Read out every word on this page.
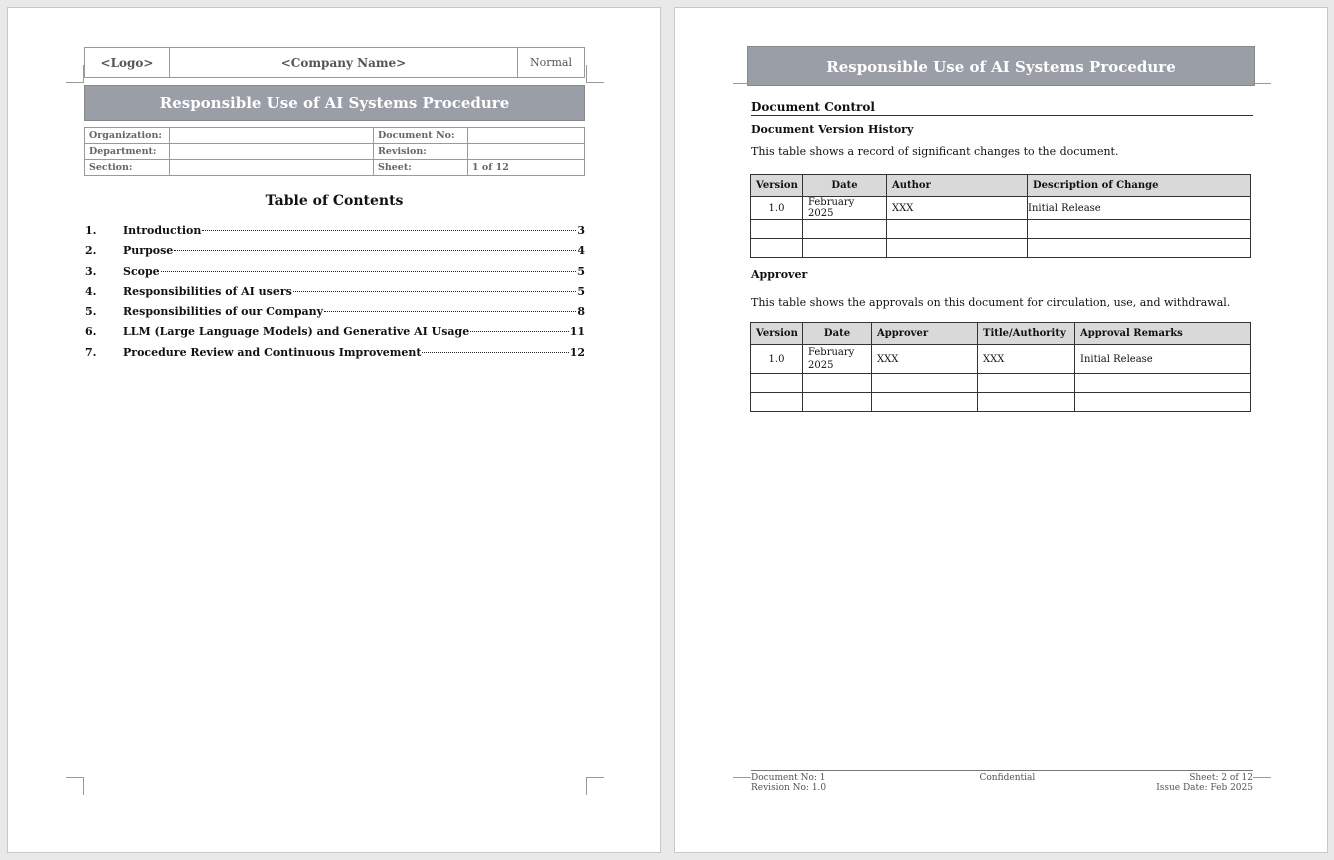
<Logo>	<Company Name>	Normal
Responsible Use of AI Systems Procedure
Organization:		Document No:	
Department:		Revision:	
Section:		Sheet:	1 of 12
Table of Contents
1.	Introduction	3
2.	Purpose	4
3.	Scope	5
4.	Responsibilities of AI users	5
5.	Responsibilities of our Company	8
6.	LLM (Large Language Models) and Generative AI Usage	11
7.	Procedure Review and Continuous Improvement	12
Responsible Use of AI Systems Procedure
Document Control
Document Version History
This table shows a record of significant changes to the document.
Version	Date	Author	Description of Change
1.0	February 2025	XXX	Initial Release

Approver
This table shows the approvals on this document for circulation, use, and withdrawal.
Version	Date	Approver	Title/Authority	Approval Remarks
1.0	February 2025	XXX	XXX	Initial Release

Document No: 1	Confidential	Sheet: 2 of 12
Revision No: 1.0	Issue Date: Feb 2025
